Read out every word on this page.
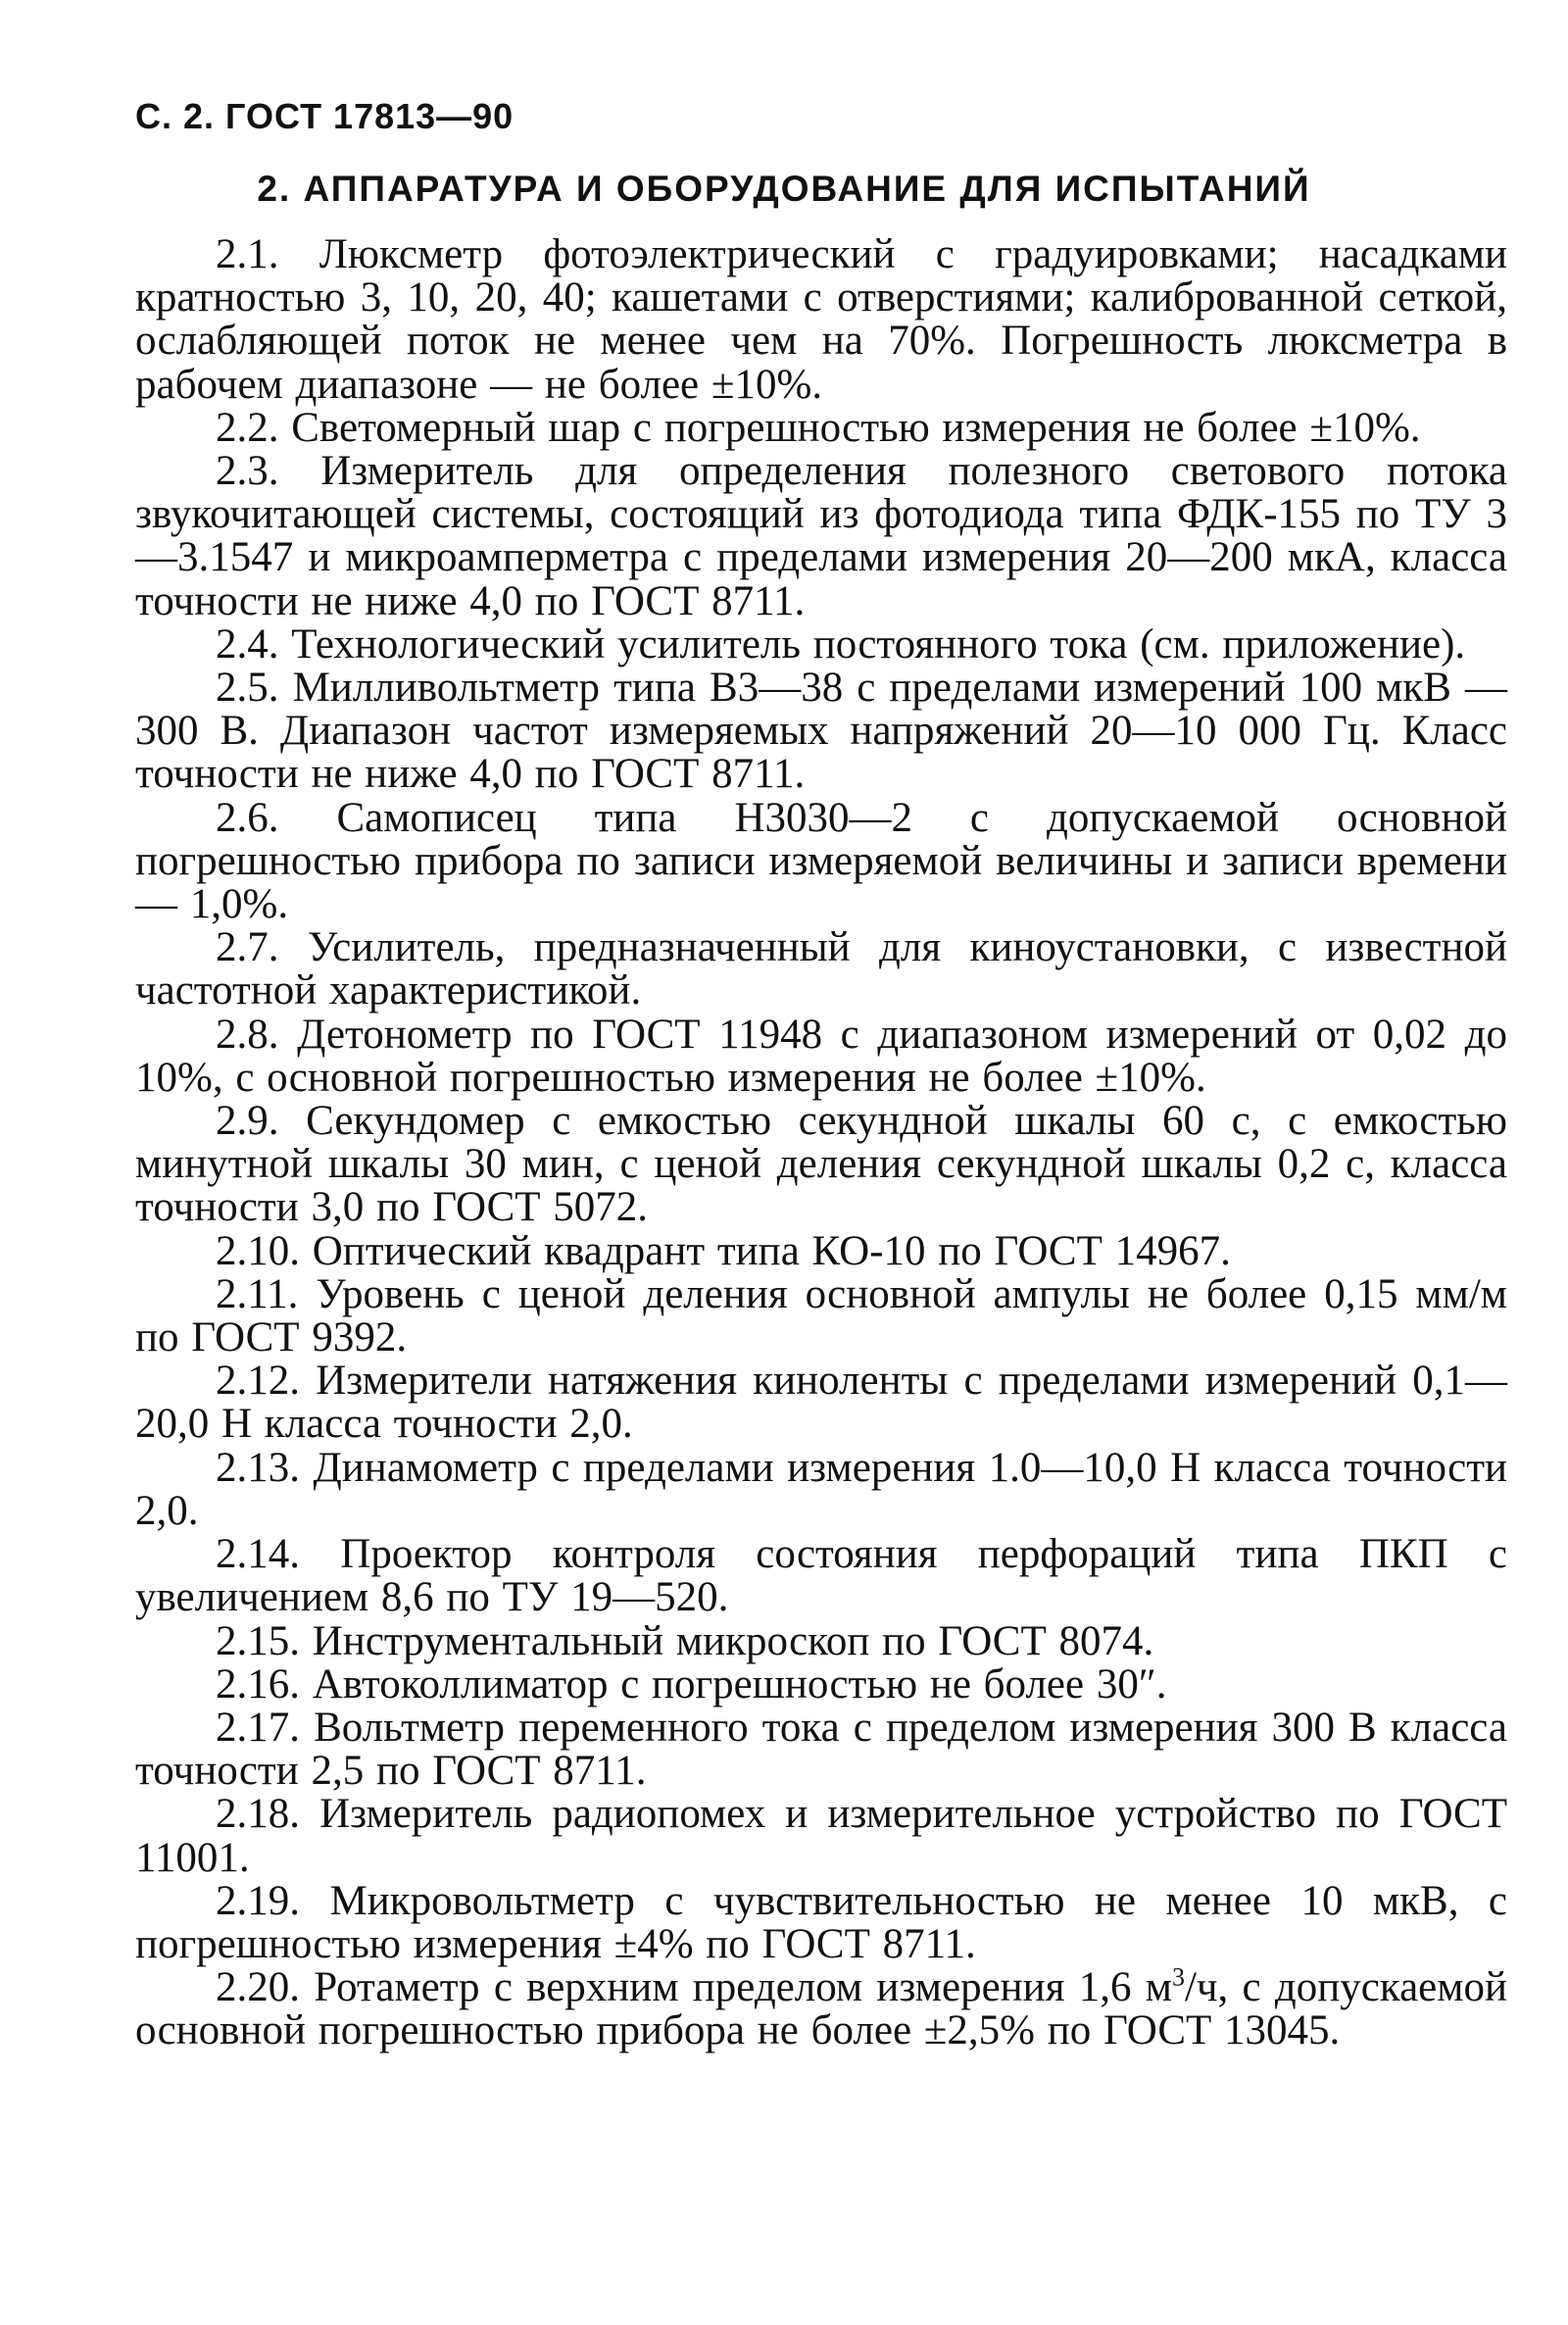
С. 2. ГОСТ 17813—90
2. АППАРАТУРА И ОБОРУДОВАНИЕ ДЛЯ ИСПЫТАНИЙ

2.1. Люксметр фотоэлектрический с градуировками; насадками кратностью 3, 10, 20, 40; кашетами с отверстиями; калиброванной сеткой, ослабляющей поток не менее чем на 70%. Погрешность люксметра в рабочем диапазоне — не более ±10%.

2.2. Светомерный шар с погрешностью измерения не более ±10%.

2.3. Измеритель для определения полезного светового потока звукочитающей системы, состоящий из фотодиода типа ФДК-155 по ТУ 3—3.1547 и микроамперметра с пределами измерения 20—200 мкА, класса точности не ниже 4,0 по ГОСТ 8711.

2.4. Технологический усилитель постоянного тока (см. приложение).

2.5. Милливольтметр типа В3—38 с пределами измерений 100 мкВ — 300 В. Диапазон частот измеряемых напряжений 20—10 000 Гц. Класс точности не ниже 4,0 по ГОСТ 8711.

2.6. Самописец типа Н3030—2 с допускаемой основной погрешностью прибора по записи измеряемой величины и записи времени — 1,0%.

2.7. Усилитель, предназначенный для киноустановки, с известной частотной характеристикой.

2.8. Детонометр по ГОСТ 11948 с диапазоном измерений от 0,02 до 10%, с основной погрешностью измерения не более ±10%.

2.9. Секундомер с емкостью секундной шкалы 60 с, с емкостью минутной шкалы 30 мин, с ценой деления секундной шкалы 0,2 с, класса точности 3,0 по ГОСТ 5072.

2.10. Оптический квадрант типа КО-10 по ГОСТ 14967.

2.11. Уровень с ценой деления основной ампулы не более 0,15 мм/м по ГОСТ 9392.

2.12. Измерители натяжения киноленты с пределами измерений 0,1—20,0 Н класса точности 2,0.

2.13. Динамометр с пределами измерения 1.0—10,0 Н класса точности 2,0.

2.14. Проектор контроля состояния перфораций типа ПКП с увеличением 8,6 по ТУ 19—520.

2.15. Инструментальный микроскоп по ГОСТ 8074.

2.16. Автоколлиматор с погрешностью не более 30″.

2.17. Вольтметр переменного тока с пределом измерения 300 В класса точности 2,5 по ГОСТ 8711.

2.18. Измеритель радиопомех и измерительное устройство по ГОСТ 11001.

2.19. Микровольтметр с чувствительностью не менее 10 мкВ, с погрешностью измерения ±4% по ГОСТ 8711.

2.20. Ротаметр с верхним пределом измерения 1,6 $м^3/ч$, с допускаемой основной погрешностью прибора не более ±2,5% по ГОСТ 13045.
